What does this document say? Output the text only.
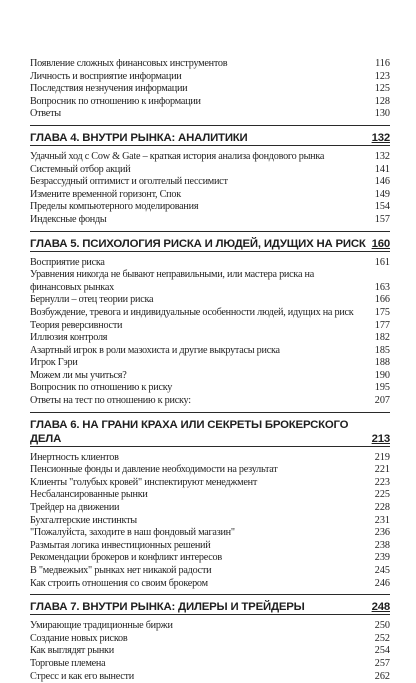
Появление сложных финансовых инструментов	116
Личность и восприятие информации	123
Последствия незнучения информации	125
Вопросник по отношению к информации	128
Ответы	130
ГЛАВА 4. ВНУТРИ РЫНКА: АНАЛИТИКИ	132
Удачный ход с Cow & Gate – краткая история анализа фондового рынка	132
Системный отбор акций	141
Безрассудный оптимист и оголтелый пессимист	146
Измените временной горизонт, Спок	149
Пределы компьютерного моделирования	154
Индексные фонды	157
ГЛАВА 5. ПСИХОЛОГИЯ РИСКА И ЛЮДЕЙ, ИДУЩИХ НА РИСК 160
Восприятие риска	161
Уравнения никогда не бывают неправильными, или мастера риска на финансовых рынках	163
Бернулли – отец теории риска	166
Возбуждение, тревога и индивидуальные особенности людей, идущих на риск	175
Теория реверсивности	177
Иллюзия контроля	182
Азартный игрок в роли мазохиста и другие выкрутасы риска	185
Игрок Гэри	188
Можем ли мы учиться?	190
Вопросник по отношению к риску	195
Ответы на тест по отношению к риску:	207
ГЛАВА 6. НА ГРАНИ КРАХА ИЛИ СЕКРЕТЫ БРОКЕРСКОГО ДЕЛА	213
Инертность клиентов	219
Пенсионные фонды и давление необходимости на результат	221
Клиенты "голубых кровей" инспектируют менеджмент	223
Несбалансированные рынки	225
Трейдер на движении	228
Бухгалтерские инстинкты	231
"Пожалуйста, заходите в наш фондовый магазин"	236
Размытая логика инвестиционных решений	238
Рекомендации брокеров и конфликт интересов	239
В "медвежьих" рынках нет никакой радости	245
Как строить отношения со своим брокером	246
ГЛАВА 7. ВНУТРИ РЫНКА: ДИЛЕРЫ И ТРЕЙДЕРЫ	248
Умирающие традиционные биржи	250
Создание новых рисков	252
Как выглядят рынки	254
Торговые племена	257
Стресс и как его вынести	262
